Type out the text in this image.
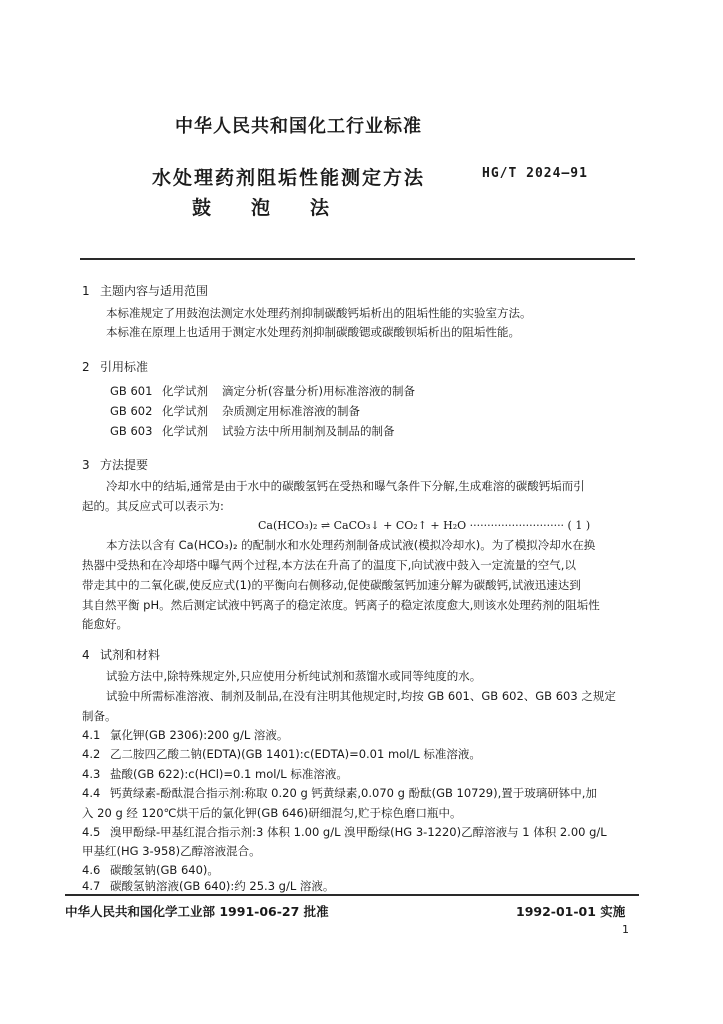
中华人民共和国化工行业标准
水处理药剂阻垢性能测定方法
鼓泡法
HG/T 2024—91
1 主题内容与适用范围
本标准规定了用鼓泡法测定水处理药剂抑制碳酸钙垢析出的阻垢性能的实验室方法。
本标准在原理上也适用于测定水处理药剂抑制碳酸锶或碳酸钡垢析出的阻垢性能。
2 引用标准
GB 601 化学试剂 滴定分析(容量分析)用标准溶液的制备
GB 602 化学试剂 杂质测定用标准溶液的制备
GB 603 化学试剂 试验方法中所用制剂及制品的制备
3 方法提要
冷却水中的结垢,通常是由于水中的碳酸氢钙在受热和曝气条件下分解,生成难溶的碳酸钙垢而引
起的。其反应式可以表示为:
Ca(HCO₃)₂ ⇌ CaCO₃↓ + CO₂↑ + H₂O ··························· ( 1 )
本方法以含有 Ca(HCO₃)₂ 的配制水和水处理药剂制备成试液(模拟冷却水)。为了模拟冷却水在换
热器中受热和在冷却塔中曝气两个过程,本方法在升高了的温度下,向试液中鼓入一定流量的空气,以
带走其中的二氧化碳,使反应式(1)的平衡向右侧移动,促使碳酸氢钙加速分解为碳酸钙,试液迅速达到
其自然平衡 pH。然后测定试液中钙离子的稳定浓度。钙离子的稳定浓度愈大,则该水处理药剂的阻垢性
能愈好。
4 试剂和材料
试验方法中,除特殊规定外,只应使用分析纯试剂和蒸馏水或同等纯度的水。
试验中所需标准溶液、制剂及制品,在没有注明其他规定时,均按 GB 601、GB 602、GB 603 之规定
制备。
4.1 氯化钾(GB 2306):200 g/L 溶液。
4.2 乙二胺四乙酸二钠(EDTA)(GB 1401):c(EDTA)=0.01 mol/L 标准溶液。
4.3 盐酸(GB 622):c(HCl)=0.1 mol/L 标准溶液。
4.4 钙黄绿素-酚酞混合指示剂:称取 0.20 g 钙黄绿素,0.070 g 酚酞(GB 10729),置于玻璃研钵中,加
入 20 g 经 120℃烘干后的氯化钾(GB 646)研细混匀,贮于棕色磨口瓶中。
4.5 溴甲酚绿-甲基红混合指示剂:3 体积 1.00 g/L 溴甲酚绿(HG 3-1220)乙醇溶液与 1 体积 2.00 g/L
甲基红(HG 3-958)乙醇溶液混合。
4.6 碳酸氢钠(GB 640)。
4.7 碳酸氢钠溶液(GB 640):约 25.3 g/L 溶液。
中华人民共和国化学工业部 1991-06-27 批准	1992-01-01 实施
1
